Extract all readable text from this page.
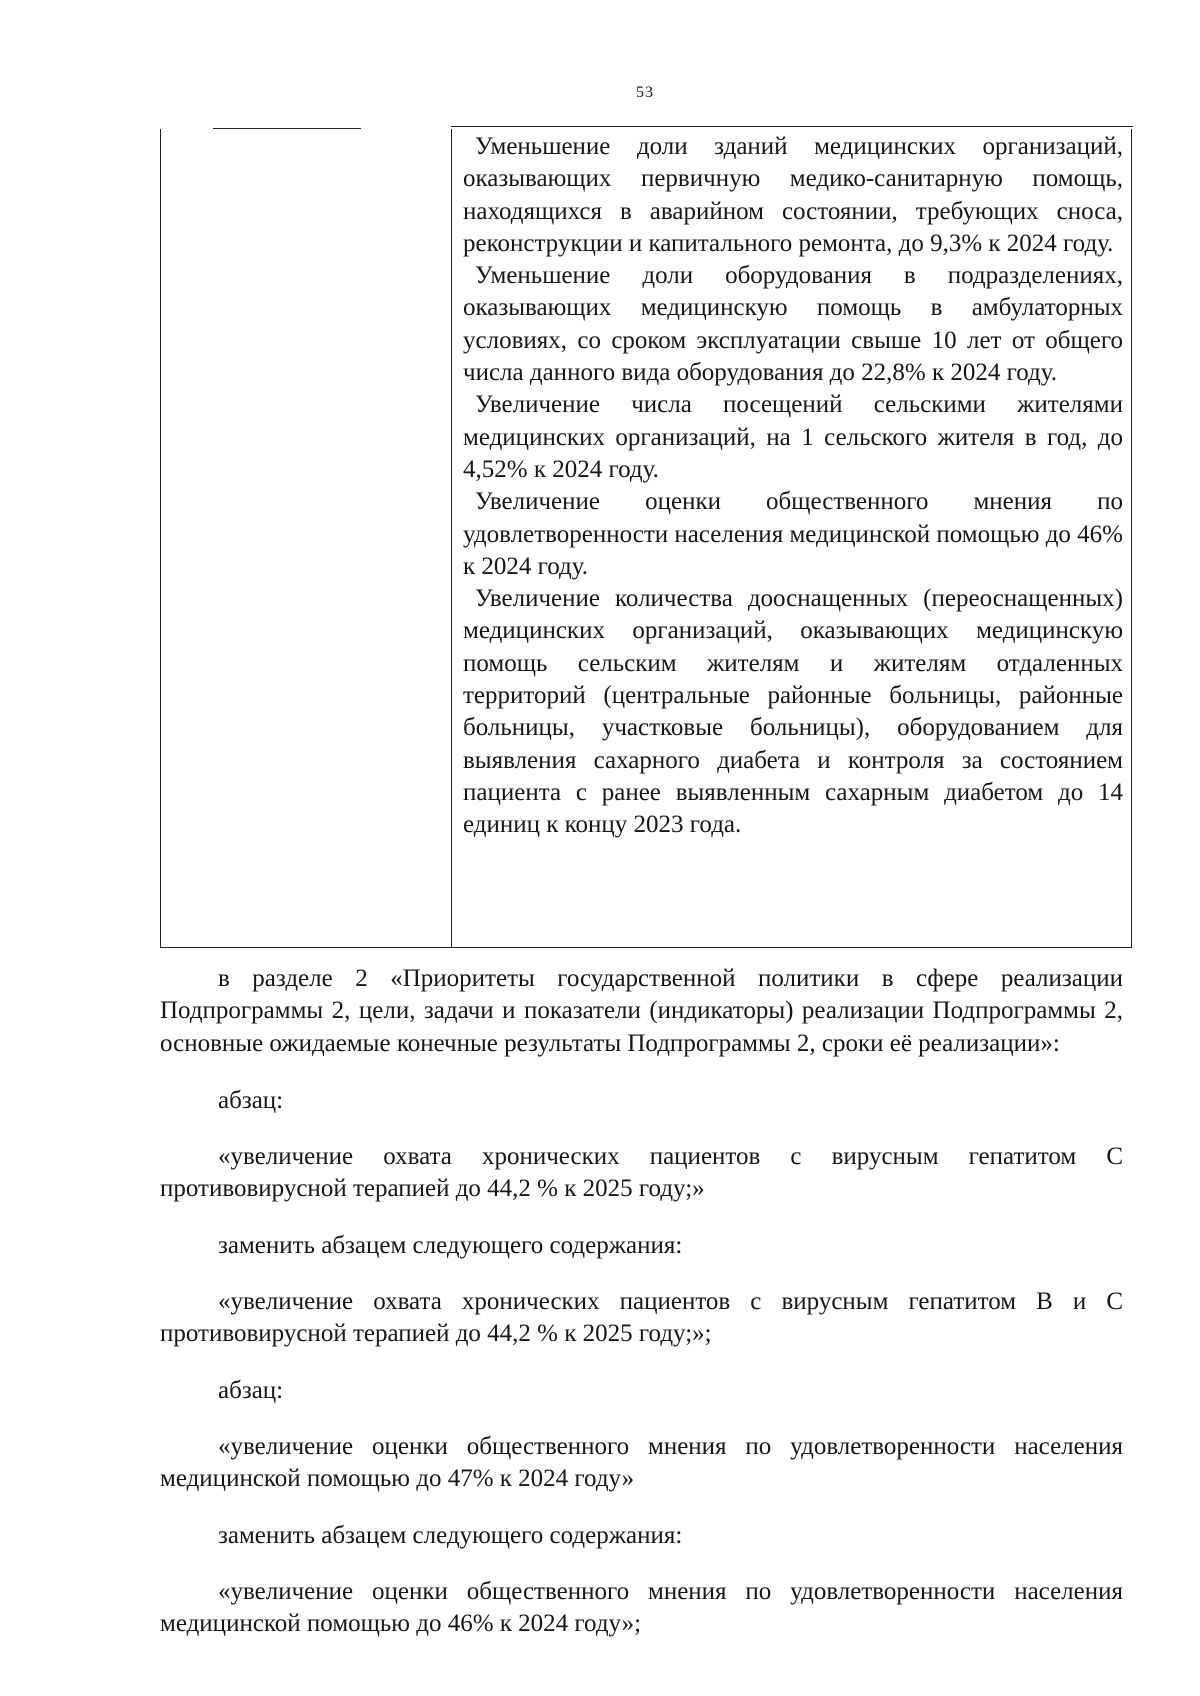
53

Уменьшение доли зданий медицинских организаций, оказывающих первичную медико-санитарную помощь, находящихся в аварийном состоянии, требующих сноса, реконструкции и капитального ремонта, до 9,3% к 2024 году.

Уменьшение доли оборудования в подразделениях, оказывающих медицинскую помощь в амбулаторных условиях, со сроком эксплуатации свыше 10 лет от общего числа данного вида оборудования до 22,8% к 2024 году.

Увеличение числа посещений сельскими жителями медицинских организаций, на 1 сельского жителя в год, до 4,52% к 2024 году.

Увеличение оценки общественного мнения по удовлетворенности населения медицинской помощью до 46% к 2024 году.

Увеличение количества дооснащенных (переоснащенных) медицинских организаций, оказывающих медицинскую помощь сельским жителям и жителям отдаленных территорий (центральные районные больницы, районные больницы, участковые больницы), оборудованием для выявления сахарного диабета и контроля за состоянием пациента с ранее выявленным сахарным диабетом до 14 единиц к концу 2023 года.

в разделе 2 «Приоритеты государственной политики в сфере реализации Подпрограммы 2, цели, задачи и показатели (индикаторы) реализации Подпрограммы 2, основные ожидаемые конечные результаты Подпрограммы 2, сроки её реализации»:

абзац:

«увеличение охвата хронических пациентов с вирусным гепатитом С противовирусной терапией до 44,2 % к 2025 году;»

заменить абзацем следующего содержания:

«увеличение охвата хронических пациентов с вирусным гепатитом В и С противовирусной терапией до 44,2 % к 2025 году;»;

абзац:

«увеличение оценки общественного мнения по удовлетворенности населения медицинской помощью до 47% к 2024 году»

заменить абзацем следующего содержания:

«увеличение оценки общественного мнения по удовлетворенности населения медицинской помощью до 46% к 2024 году»;
